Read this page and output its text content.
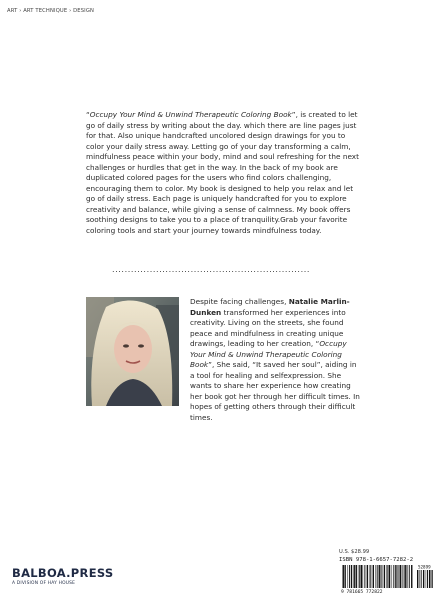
ART › ART TECHNIQUE › DESIGN
“Occupy Your Mind & Unwind Therapeutic Coloring Book”, is created to let go of daily stress by writing about the day. which there are line pages just for that. Also unique handcrafted uncolored design drawings for you to color your daily stress away. Letting go of your day transforming a calm, mindfulness peace within your body, mind and soul refreshing for the next challenges or hurdles that get in the way. In the back of my book are duplicated colored pages for the users who find colors challenging, encouraging them to color. My book is designed to help you relax and let go of daily stress. Each page is uniquely handcrafted for you to explore creativity and balance, while giving a sense of calmness. My book offers soothing designs to take you to a place of tranquility.Grab your favorite coloring tools and start your journey towards mindfulness today.
...............................................................
Despite facing challenges, Natalie Marlin-Dunken transformed her experiences into creativity. Living on the streets, she found peace and mindfulness in creating unique drawings, leading to her creation, “Occupy Your Mind & Unwind Therapeutic Coloring Book”, She said, “It saved her soul”, aiding in a tool for healing and selfexpression. She wants to share her experience how creating her book got her through her difficult times. In hopes of getting others through their difficult times.
BALBOA.PRESS
A DIVISION OF HAY HOUSE
U.S. $28.99
ISBN 978-1-6657-7282-2
9 781665 772822
52899
